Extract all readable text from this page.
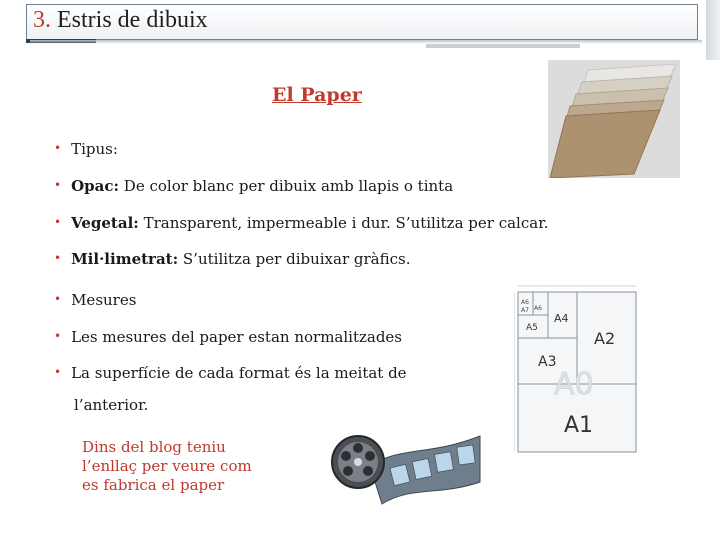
3. Estris de dibuix
El Paper
• Tipus:
• Opac: De color blanc per dibuix amb llapis o tinta
• Vegetal: Transparent, impermeable i dur. S’utilitza per calcar.
• Mil·limetrat: S’utilitza per dibuixar gràfics.
• Mesures
• Les mesures del paper estan normalitzades
• La superfície de cada format és la meitat de
l’anterior.
A6
A6
A7
A4
A5
A2
A3
A0
A1
Dins del blog teniu
l’enllaç per veure com
es fabrica el paper
